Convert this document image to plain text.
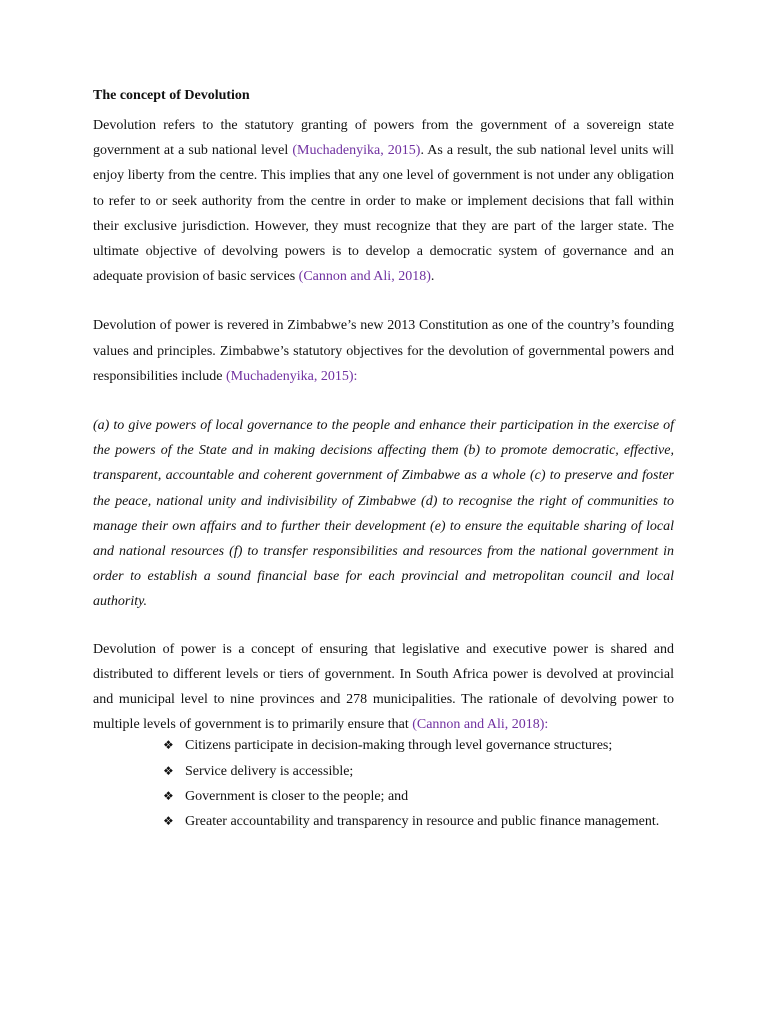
The concept of Devolution

Devolution refers to the statutory granting of powers from the government of a sovereign state government at a sub national level (Muchadenyika, 2015). As a result, the sub national level units will enjoy liberty from the centre. This implies that any one level of government is not under any obligation to refer to or seek authority from the centre in order to make or implement decisions that fall within their exclusive jurisdiction. However, they must recognize that they are part of the larger state. The ultimate objective of devolving powers is to develop a democratic system of governance and an adequate provision of basic services (Cannon and Ali, 2018).

Devolution of power is revered in Zimbabwe’s new 2013 Constitution as one of the country’s founding values and principles. Zimbabwe’s statutory objectives for the devolution of governmental powers and responsibilities include (Muchadenyika, 2015):

(a) to give powers of local governance to the people and enhance their participation in the exercise of the powers of the State and in making decisions affecting them (b) to promote democratic, effective, transparent, accountable and coherent government of Zimbabwe as a whole (c) to preserve and foster the peace, national unity and indivisibility of Zimbabwe (d) to recognise the right of communities to manage their own affairs and to further their development (e) to ensure the equitable sharing of local and national resources (f) to transfer responsibilities and resources from the national government in order to establish a sound financial base for each provincial and metropolitan council and local authority.

Devolution of power is a concept of ensuring that legislative and executive power is shared and distributed to different levels or tiers of government. In South Africa power is devolved at provincial and municipal level to nine provinces and 278 municipalities. The rationale of devolving power to multiple levels of government is to primarily ensure that (Cannon and Ali, 2018):

❖ Citizens participate in decision-making through level governance structures;
❖ Service delivery is accessible;
❖ Government is closer to the people; and
❖ Greater accountability and transparency in resource and public finance management.
